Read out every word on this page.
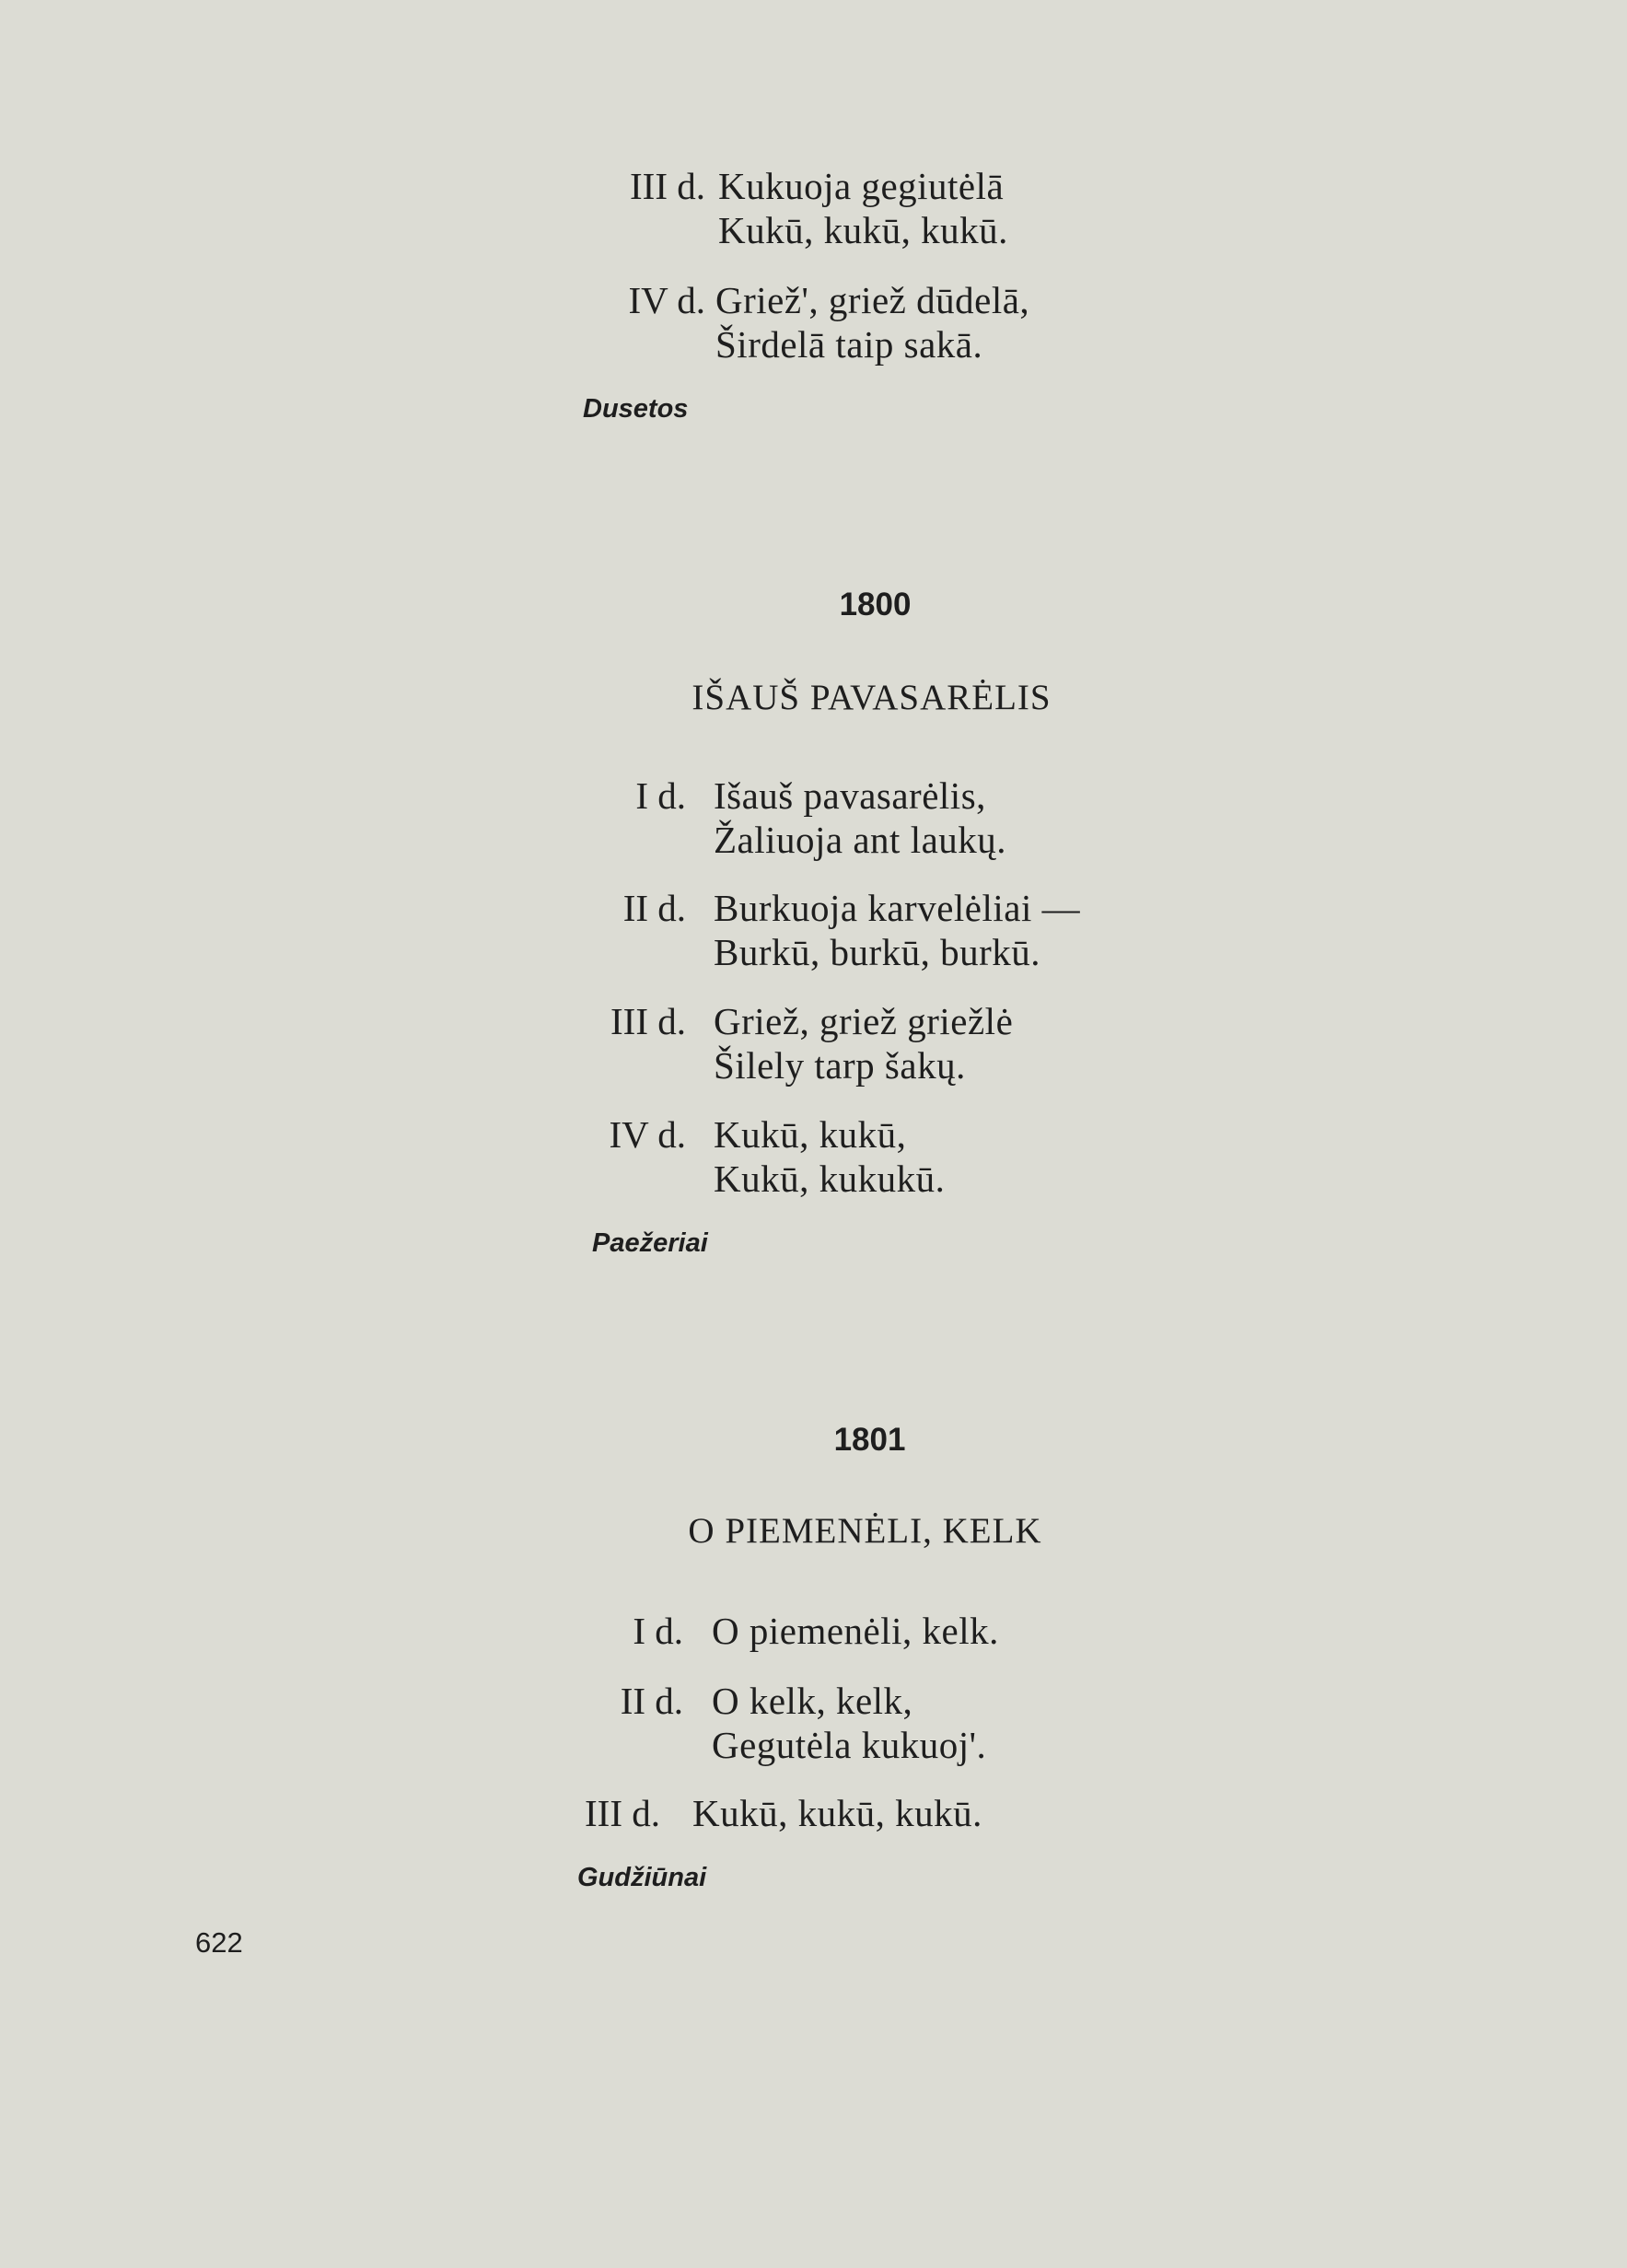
III d. Kukuoja gegiutėlā
Kukū, kukū, kukū.
IV d. Griež', griež dūdelā,
Širdelā taip sakā.
Dusetos
1800
IŠAUŠ PAVASARĖLIS
I d. Išauš pavasarėlis,
Žaliuoja ant laukų.
II d. Burkuoja karvelėliai —
Burkū, burkū, burkū.
III d. Griež, griež griežlė
Šilely tarp šakų.
IV d. Kukū, kukū,
Kukū, kukukū.
Paežeriai
1801
O PIEMENĖLI, KELK
I d. O piemenėli, kelk.
II d. O kelk, kelk,
Gegutėla kukuoj'.
III d. Kukū, kukū, kukū.
Gudžiūnai
622
